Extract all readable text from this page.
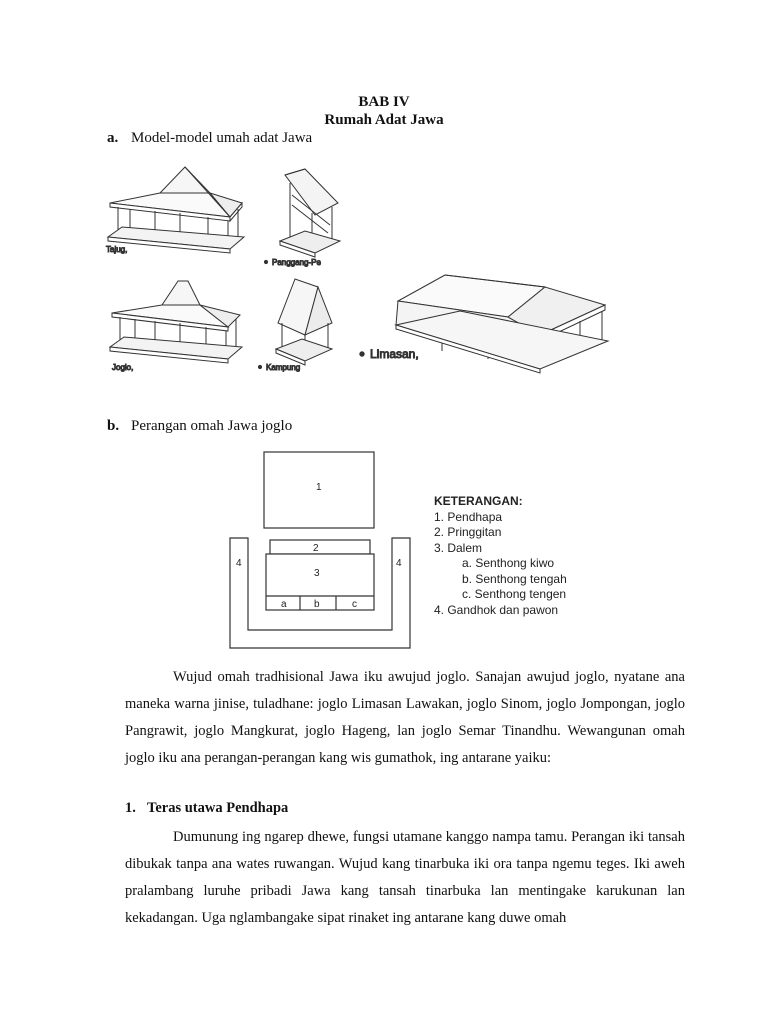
BAB IV
Rumah Adat Jawa
a. Model-model umah adat Jawa
Tajug,
Panggang-Pe
Joglo,	Kampung
Limasan,
b. Perangan omah Jawa joglo
1
2
3
a	b	c
4	4
KETERANGAN:
1. Pendhapa
2. Pringgitan
3. Dalem
a. Senthong kiwo
b. Senthong tengah
c. Senthong tengen
4. Gandhok dan pawon

Wujud omah tradhisional Jawa iku awujud joglo. Sanajan awujud joglo, nyatane ana maneka warna jinise, tuladhane: joglo Limasan Lawakan, joglo Sinom, joglo Jompongan, joglo Pangrawit, joglo Mangkurat, joglo Hageng, lan joglo Semar Tinandhu. Wewangunan omah joglo iku ana perangan-perangan kang wis gumathok, ing antarane yaiku:

1. Teras utawa Pendhapa

Dumunung ing ngarep dhewe, fungsi utamane kanggo nampa tamu. Perangan iki tansah dibukak tanpa ana wates ruwangan. Wujud kang tinarbuka iki ora tanpa ngemu teges. Iki aweh pralambang luruhe pribadi Jawa kang tansah tinarbuka lan mentingake karukunan lan kekadangan. Uga nglambangake sipat rinaket ing antarane kang duwe omah
